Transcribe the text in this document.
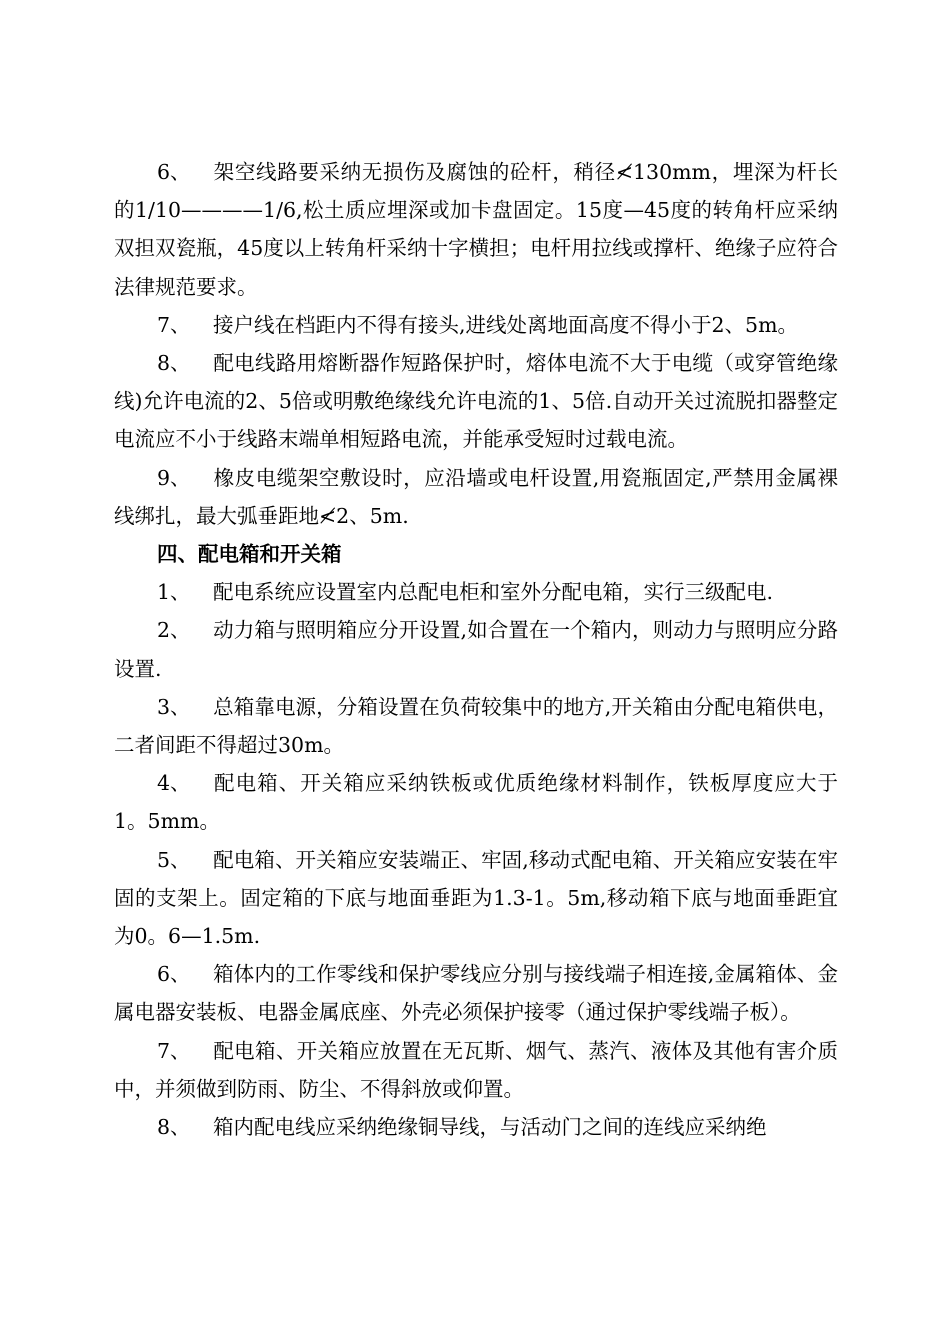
6、 架空线路要采纳无损伤及腐蚀的砼杆，稍径≮130mm，埋深为杆长的1/10————1/6,松土质应埋深或加卡盘固定。15度—45度的转角杆应采纳双担双瓷瓶，45度以上转角杆采纳十字横担；电杆用拉线或撑杆、绝缘子应符合法律规范要求。

7、 接户线在档距内不得有接头,进线处离地面高度不得小于2、5m。

8、 配电线路用熔断器作短路保护时，熔体电流不大于电缆（或穿管绝缘线)允许电流的2、5倍或明敷绝缘线允许电流的1、5倍.自动开关过流脱扣器整定电流应不小于线路末端单相短路电流，并能承受短时过载电流。

9、 橡皮电缆架空敷设时，应沿墙或电杆设置,用瓷瓶固定,严禁用金属裸线绑扎，最大弧垂距地≮2、5m.

四、配电箱和开关箱

1、 配电系统应设置室内总配电柜和室外分配电箱，实行三级配电.

2、 动力箱与照明箱应分开设置,如合置在一个箱内，则动力与照明应分路设置.

3、 总箱靠电源，分箱设置在负荷较集中的地方,开关箱由分配电箱供电，二者间距不得超过30m。

4、 配电箱、开关箱应采纳铁板或优质绝缘材料制作，铁板厚度应大于1。5mm。

5、 配电箱、开关箱应安装端正、牢固,移动式配电箱、开关箱应安装在牢固的支架上。固定箱的下底与地面垂距为1.3-1。5m,移动箱下底与地面垂距宜为0。6—1.5m.

6、 箱体内的工作零线和保护零线应分别与接线端子相连接,金属箱体、金属电器安装板、电器金属底座、外壳必须保护接零（通过保护零线端子板）。

7、 配电箱、开关箱应放置在无瓦斯、烟气、蒸汽、液体及其他有害介质中，并须做到防雨、防尘、不得斜放或仰置。

8、 箱内配电线应采纳绝缘铜导线，与活动门之间的连线应采纳绝
